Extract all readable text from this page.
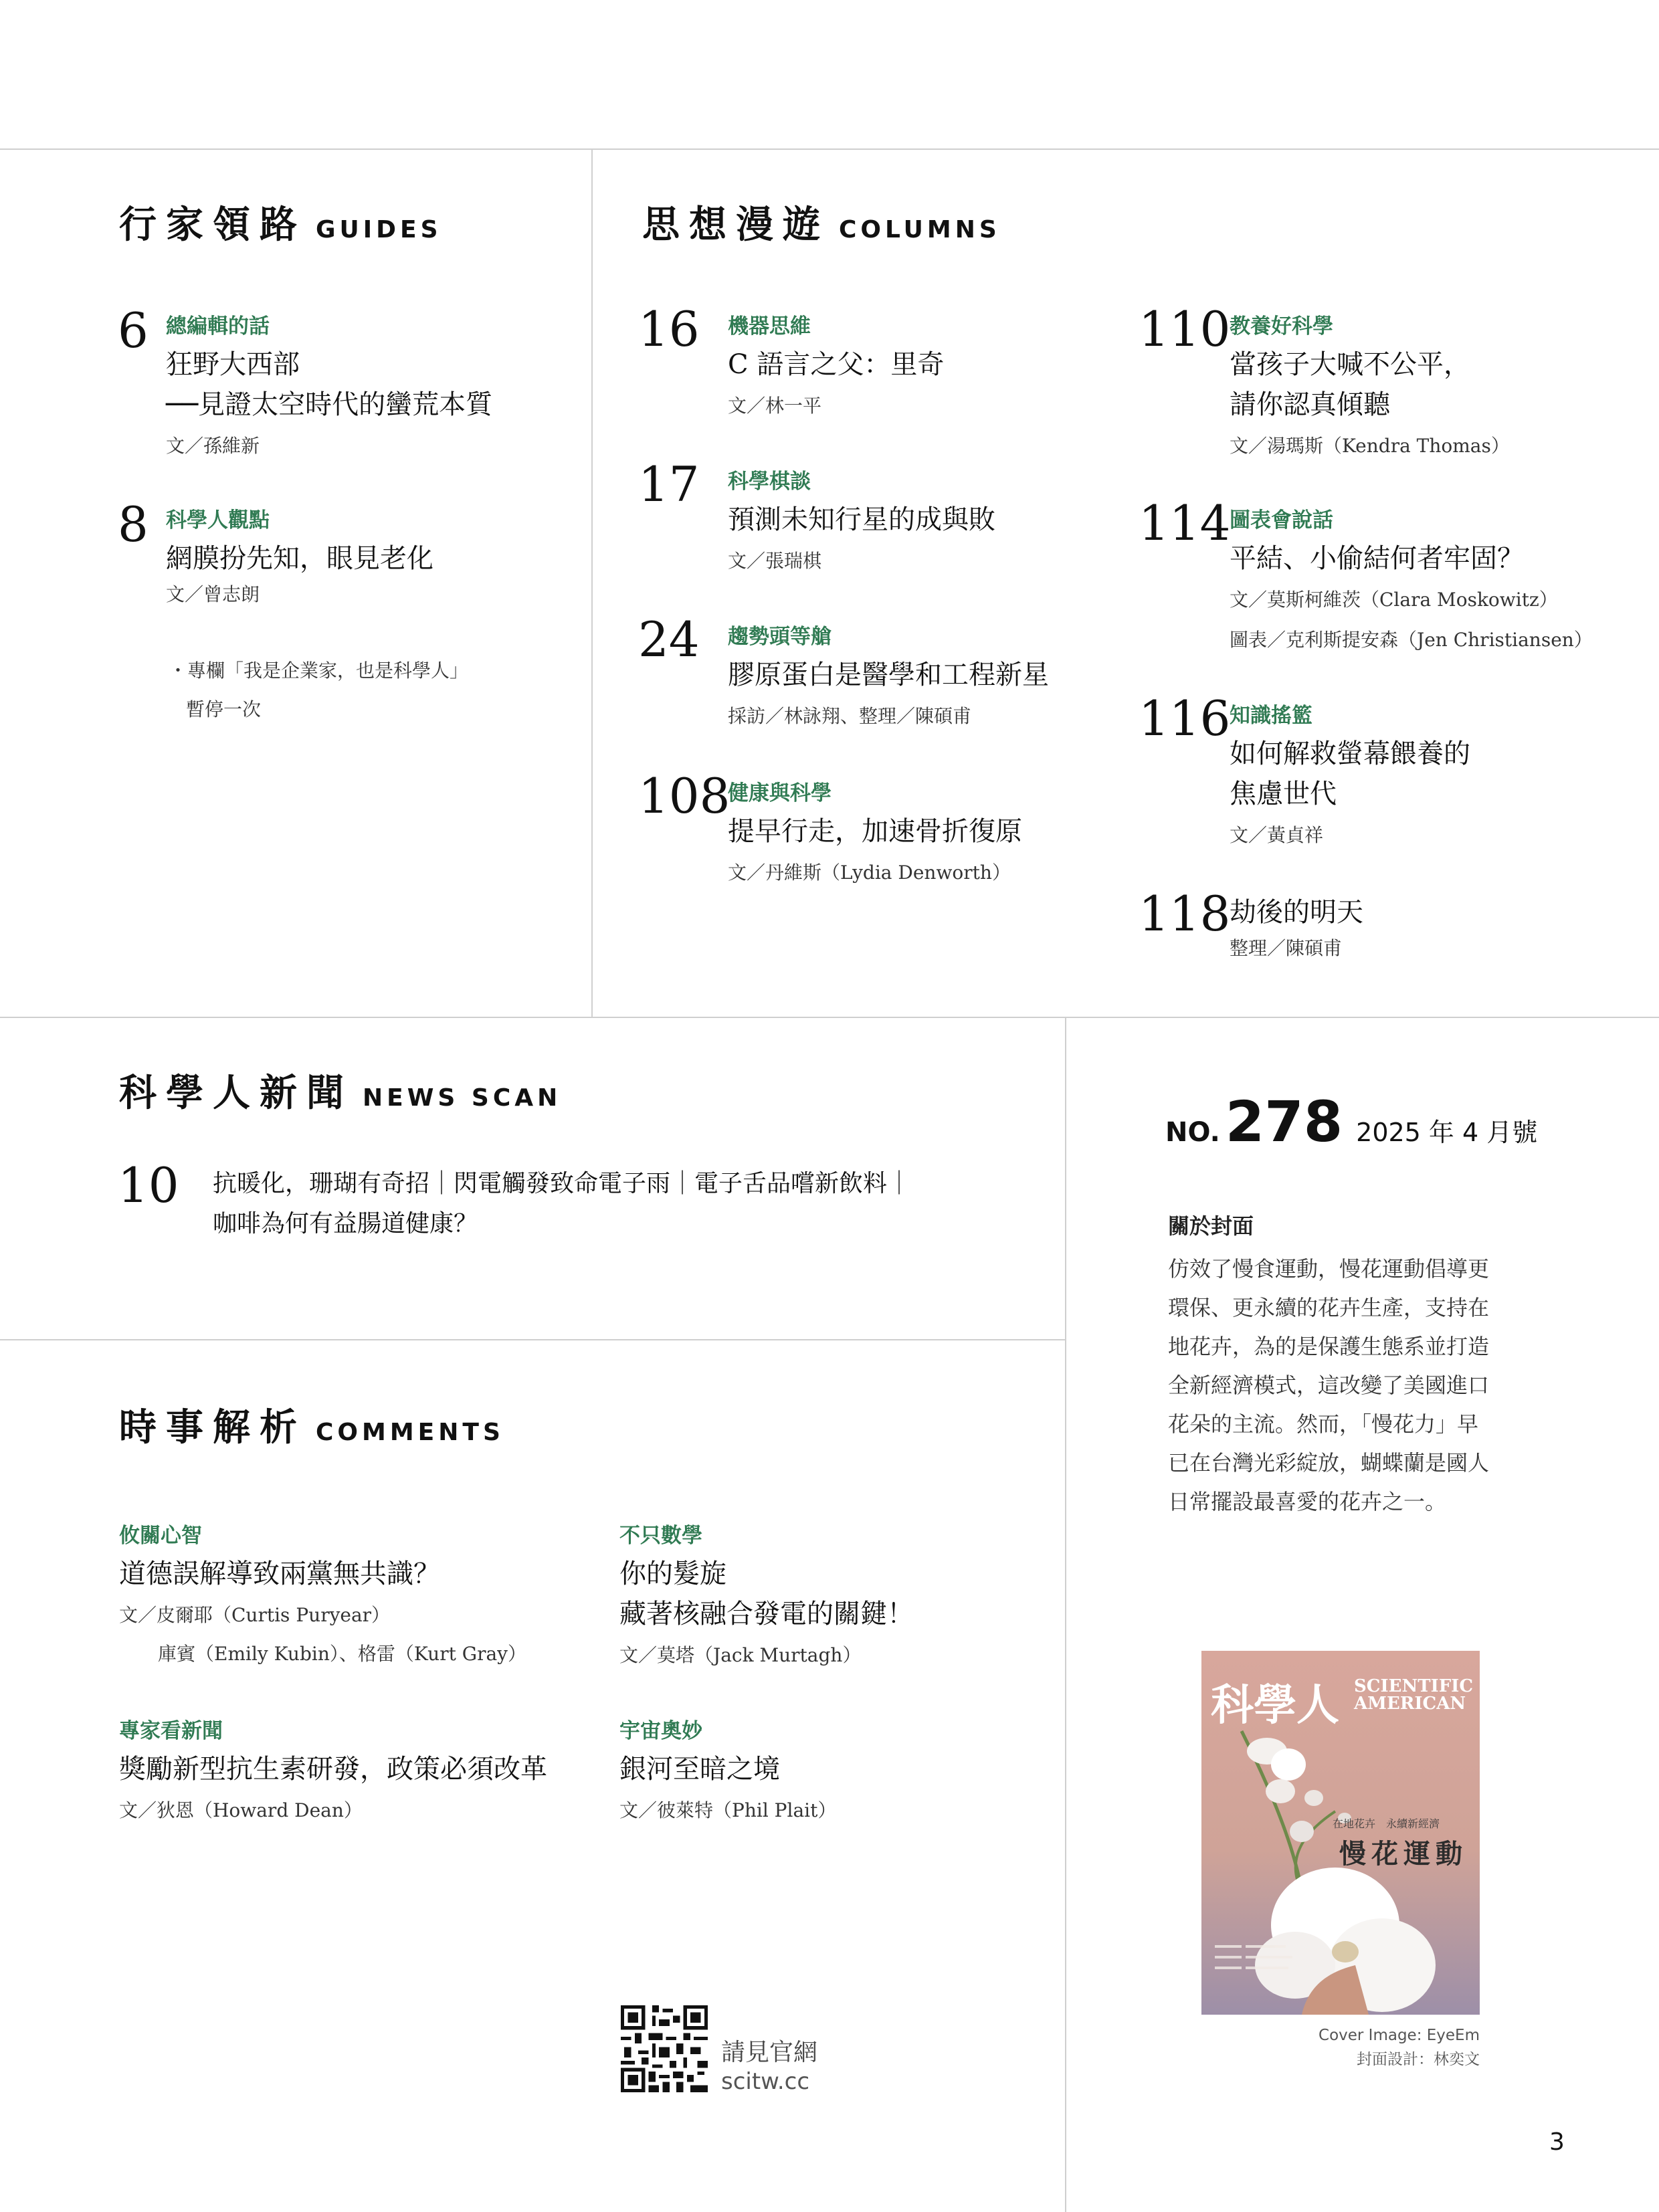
行家領路 GUIDES
6 總編輯的話
狂野大西部
──見證太空時代的蠻荒本質
文／孫維新
8 科學人觀點
網膜扮先知，眼見老化
文／曾志朗
・專欄「我是企業家，也是科學人」
暫停一次
思想漫遊 COLUMNS
16 機器思維
C 語言之父：里奇
文／林一平
17 科學棋談
預測未知行星的成與敗
文／張瑞棋
24 趨勢頭等艙
膠原蛋白是醫學和工程新星
採訪／林詠翔、整理／陳碩甫
108
健康與科學
提早行走，加速骨折復原
文／丹維斯（Lydia Denworth）
110
教養好科學
當孩子大喊不公平，
請你認真傾聽
文／湯瑪斯（Kendra Thomas）
114
圖表會說話
平結、小偷結何者牢固？
文／莫斯柯維茨（Clara Moskowitz）
圖表／克利斯提安森（Jen Christiansen）
116
知識搖籃
如何解救螢幕餵養的
焦慮世代
文／黃貞祥
118
劫後的明天
整理／陳碩甫
科學人新聞 NEWS SCAN
10 抗暖化，珊瑚有奇招｜閃電觸發致命電子雨｜電子舌品嚐新飲料｜
咖啡為何有益腸道健康？
時事解析 COMMENTS
攸關心智
道德誤解導致兩黨無共識？
文／皮爾耶（Curtis Puryear）
庫賓（Emily Kubin）、格雷（Kurt Gray）
不只數學
你的髮旋
藏著核融合發電的關鍵！
文／莫塔（Jack Murtagh）
專家看新聞
獎勵新型抗生素研發，政策必須改革
文／狄恩（Howard Dean）
宇宙奧妙
銀河至暗之境
文／彼萊特（Phil Plait）
請見官網
scitw.cc
NO. 278 2025 年 4 月號
關於封面
仿效了慢食運動，慢花運動倡導更
環保、更永續的花卉生產，支持在
地花卉，為的是保護生態系並打造
全新經濟模式，這改變了美國進口
花朵的主流。然而，「慢花力」早
已在台灣光彩綻放，蝴蝶蘭是國人
日常擺設最喜愛的花卉之一。
科學人 SCIENTIFIC
AMERICAN
在地花卉　永續新經濟
慢花運動
Cover Image: EyeEm
封面設計：林奕文
3
